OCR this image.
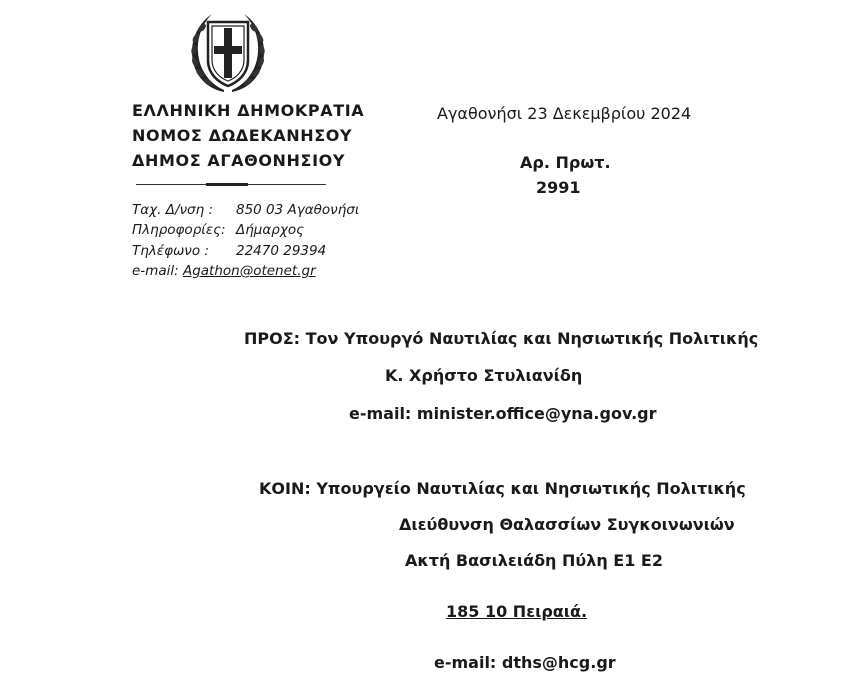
ΕΛΛΗΝΙΚΗ ΔΗΜΟΚΡΑΤΙΑ
ΝΟΜΟΣ ΔΩΔΕΚΑΝΗΣΟΥ
ΔΗΜΟΣ ΑΓΑΘΟΝΗΣΙΟΥ
Ταχ. Δ/νση : 850 03 Αγαθονήσι
Πληροφορίες: Δήμαρχος
Τηλέφωνο : 22470 29394
e-mail: Agathon@otenet.gr
Αγαθονήσι 23 Δεκεμβρίου 2024
Αρ. Πρωτ.
2991
ΠΡΟΣ: Τον Υπουργό Ναυτιλίας και Νησιωτικής Πολιτικής
Κ. Χρήστο Στυλιανίδη
e-mail: minister.office@yna.gov.gr
ΚΟΙΝ: Υπουργείο Ναυτιλίας και Νησιωτικής Πολιτικής
Διεύθυνση Θαλασσίων Συγκοινωνιών
Ακτή Βασιλειάδη Πύλη Ε1 Ε2
185 10 Πειραιά.
e-mail: dths@hcg.gr
